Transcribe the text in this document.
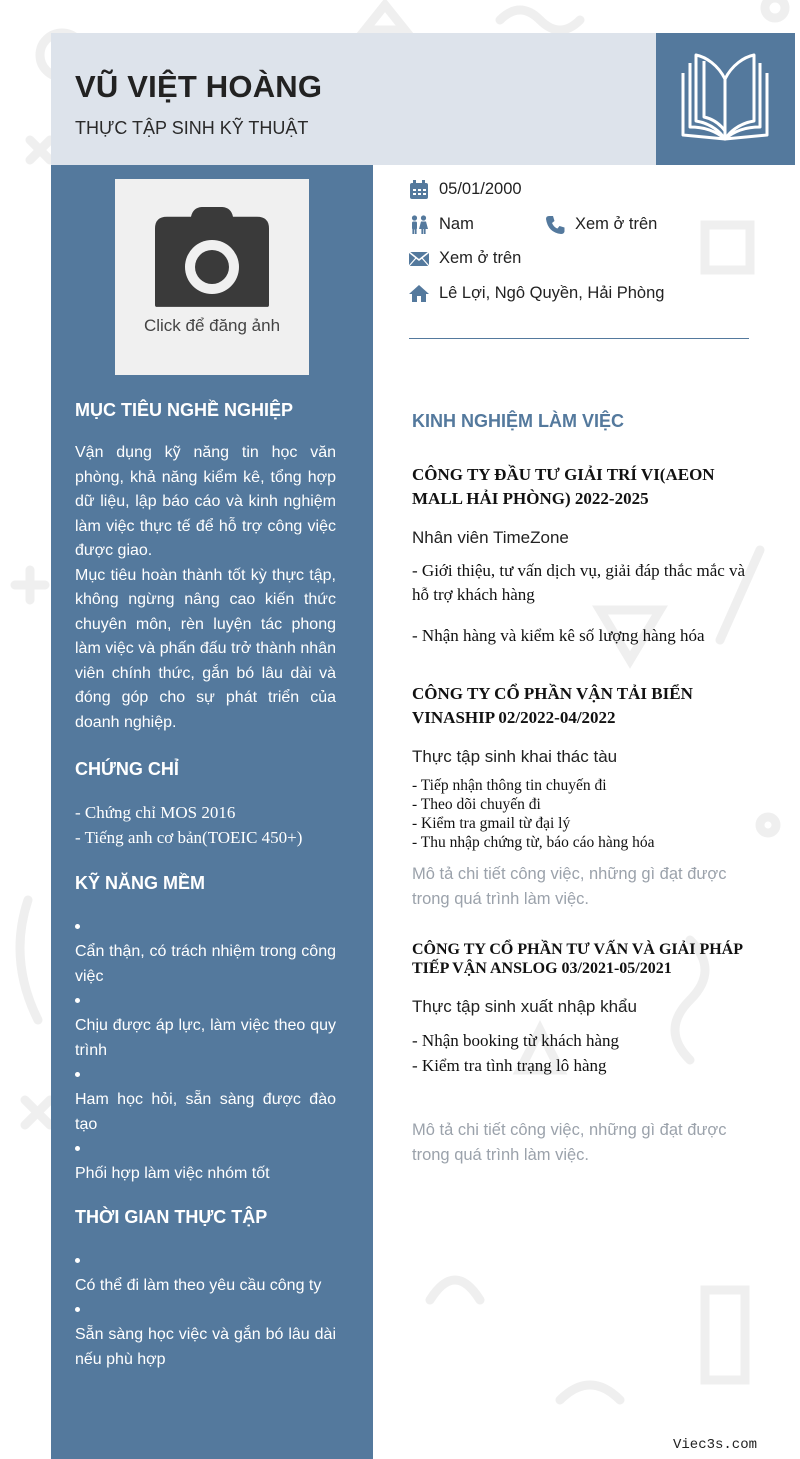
VŨ VIỆT HOÀNG
THỰC TẬP SINH KỸ THUẬT
Click để đăng ảnh
MỤC TIÊU NGHỀ NGHIỆP
Vận dụng kỹ năng tin học văn phòng, khả năng kiểm kê, tổng hợp dữ liệu, lập báo cáo và kinh nghiệm làm việc thực tế để hỗ trợ công việc được giao.
Mục tiêu hoàn thành tốt kỳ thực tập, không ngừng nâng cao kiến thức chuyên môn, rèn luyện tác phong làm việc và phấn đấu trở thành nhân viên chính thức, gắn bó lâu dài và đóng góp cho sự phát triển của doanh nghiệp.
CHỨNG CHỈ
- Chứng chỉ MOS 2016
- Tiếng anh cơ bản(TOEIC 450+)
KỸ NĂNG MỀM
Cẩn thận, có trách nhiệm trong công việc
Chịu được áp lực, làm việc theo quy trình
Ham học hỏi, sẵn sàng được đào tạo
Phối hợp làm việc nhóm tốt
THỜI GIAN THỰC TẬP
Có thể đi làm theo yêu cầu công ty
Sẵn sàng học việc và gắn bó lâu dài nếu phù hợp
05/01/2000
Nam	Xem ở trên
Xem ở trên
Lê Lợi, Ngô Quyền, Hải Phòng
KINH NGHIỆM LÀM VIỆC
CÔNG TY ĐẦU TƯ GIẢI TRÍ VI(AEON MALL HẢI PHÒNG) 2022-2025
Nhân viên TimeZone
- Giới thiệu, tư vấn dịch vụ, giải đáp thắc mắc và hỗ trợ khách hàng
- Nhận hàng và kiểm kê số lượng hàng hóa
CÔNG TY CỔ PHẦN VẬN TẢI BIỂN VINASHIP 02/2022-04/2022
Thực tập sinh khai thác tàu
- Tiếp nhận thông tin chuyến đi
- Theo dõi chuyến đi
- Kiểm tra gmail từ đại lý
- Thu nhập chứng từ, báo cáo hàng hóa
Mô tả chi tiết công việc, những gì đạt được trong quá trình làm việc.
CÔNG TY CỔ PHẦN TƯ VẤN VÀ GIẢI PHÁP TIẾP VẬN ANSLOG 03/2021-05/2021
Thực tập sinh xuất nhập khẩu
- Nhận booking từ khách hàng
- Kiểm tra tình trạng lô hàng
Mô tả chi tiết công việc, những gì đạt được trong quá trình làm việc.
Viec3s.com
